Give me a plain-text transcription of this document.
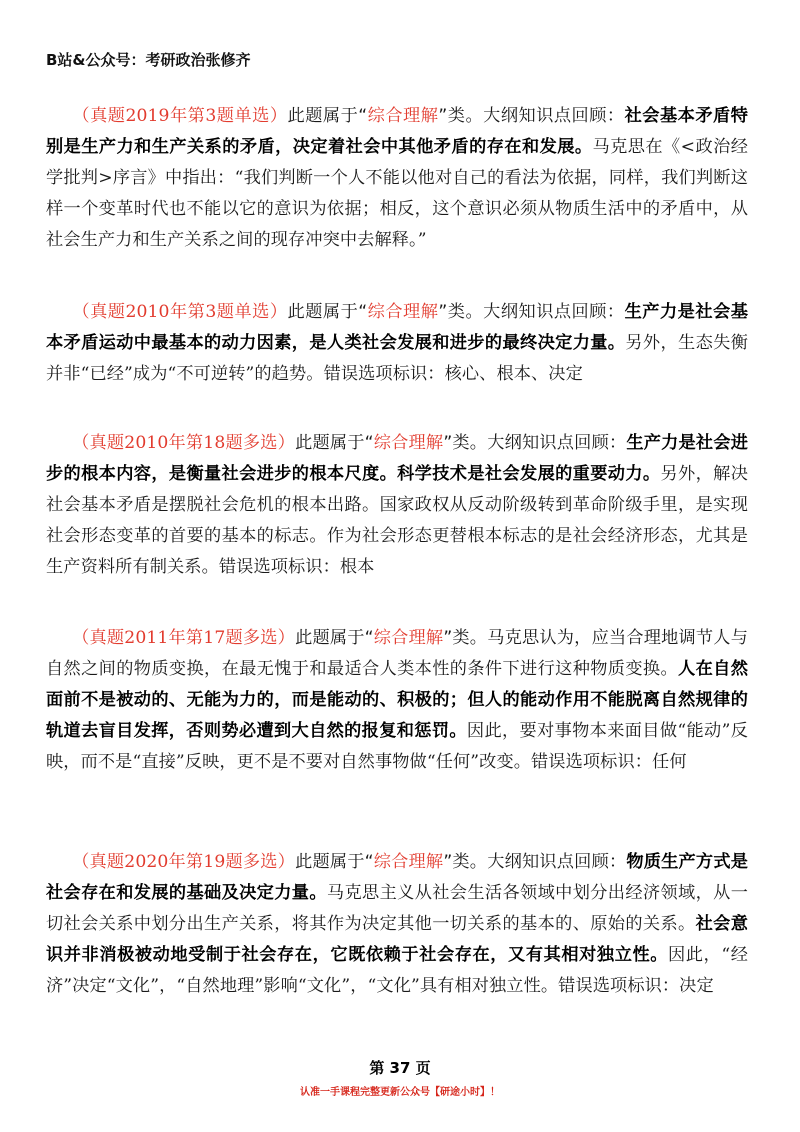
B站&公众号：考研政治张修齐

（真题2019年第3题单选）此题属于“综合理解”类。大纲知识点回顾：社会基本矛盾特别是生产力和生产关系的矛盾，决定着社会中其他矛盾的存在和发展。马克思在《<政治经学批判>序言》中指出：“我们判断一个人不能以他对自己的看法为依据，同样，我们判断这样一个变革时代也不能以它的意识为依据；相反，这个意识必须从物质生活中的矛盾中，从社会生产力和生产关系之间的现存冲突中去解释。”

（真题2010年第3题单选）此题属于“综合理解”类。大纲知识点回顾：生产力是社会基本矛盾运动中最基本的动力因素，是人类社会发展和进步的最终决定力量。另外，生态失衡并非“已经”成为“不可逆转”的趋势。错误选项标识：核心、根本、决定

（真题2010年第18题多选）此题属于“综合理解”类。大纲知识点回顾：生产力是社会进步的根本内容，是衡量社会进步的根本尺度。科学技术是社会发展的重要动力。另外，解决社会基本矛盾是摆脱社会危机的根本出路。国家政权从反动阶级转到革命阶级手里，是实现社会形态变革的首要的基本的标志。作为社会形态更替根本标志的是社会经济形态，尤其是生产资料所有制关系。错误选项标识：根本

（真题2011年第17题多选）此题属于“综合理解”类。马克思认为，应当合理地调节人与自然之间的物质变换，在最无愧于和最适合人类本性的条件下进行这种物质变换。人在自然面前不是被动的、无能为力的，而是能动的、积极的；但人的能动作用不能脱离自然规律的轨道去盲目发挥，否则势必遭到大自然的报复和惩罚。因此，要对事物本来面目做“能动”反映，而不是“直接”反映，更不是不要对自然事物做“任何”改变。错误选项标识：任何

（真题2020年第19题多选）此题属于“综合理解”类。大纲知识点回顾：物质生产方式是社会存在和发展的基础及决定力量。马克思主义从社会生活各领域中划分出经济领域，从一切社会关系中划分出生产关系，将其作为决定其他一切关系的基本的、原始的关系。社会意识并非消极被动地受制于社会存在，它既依赖于社会存在，又有其相对独立性。因此，“经济”决定“文化”，“自然地理”影响“文化”，“文化”具有相对独立性。错误选项标识：决定

第 37 页
认准一手课程完整更新公众号【研途小时】！
